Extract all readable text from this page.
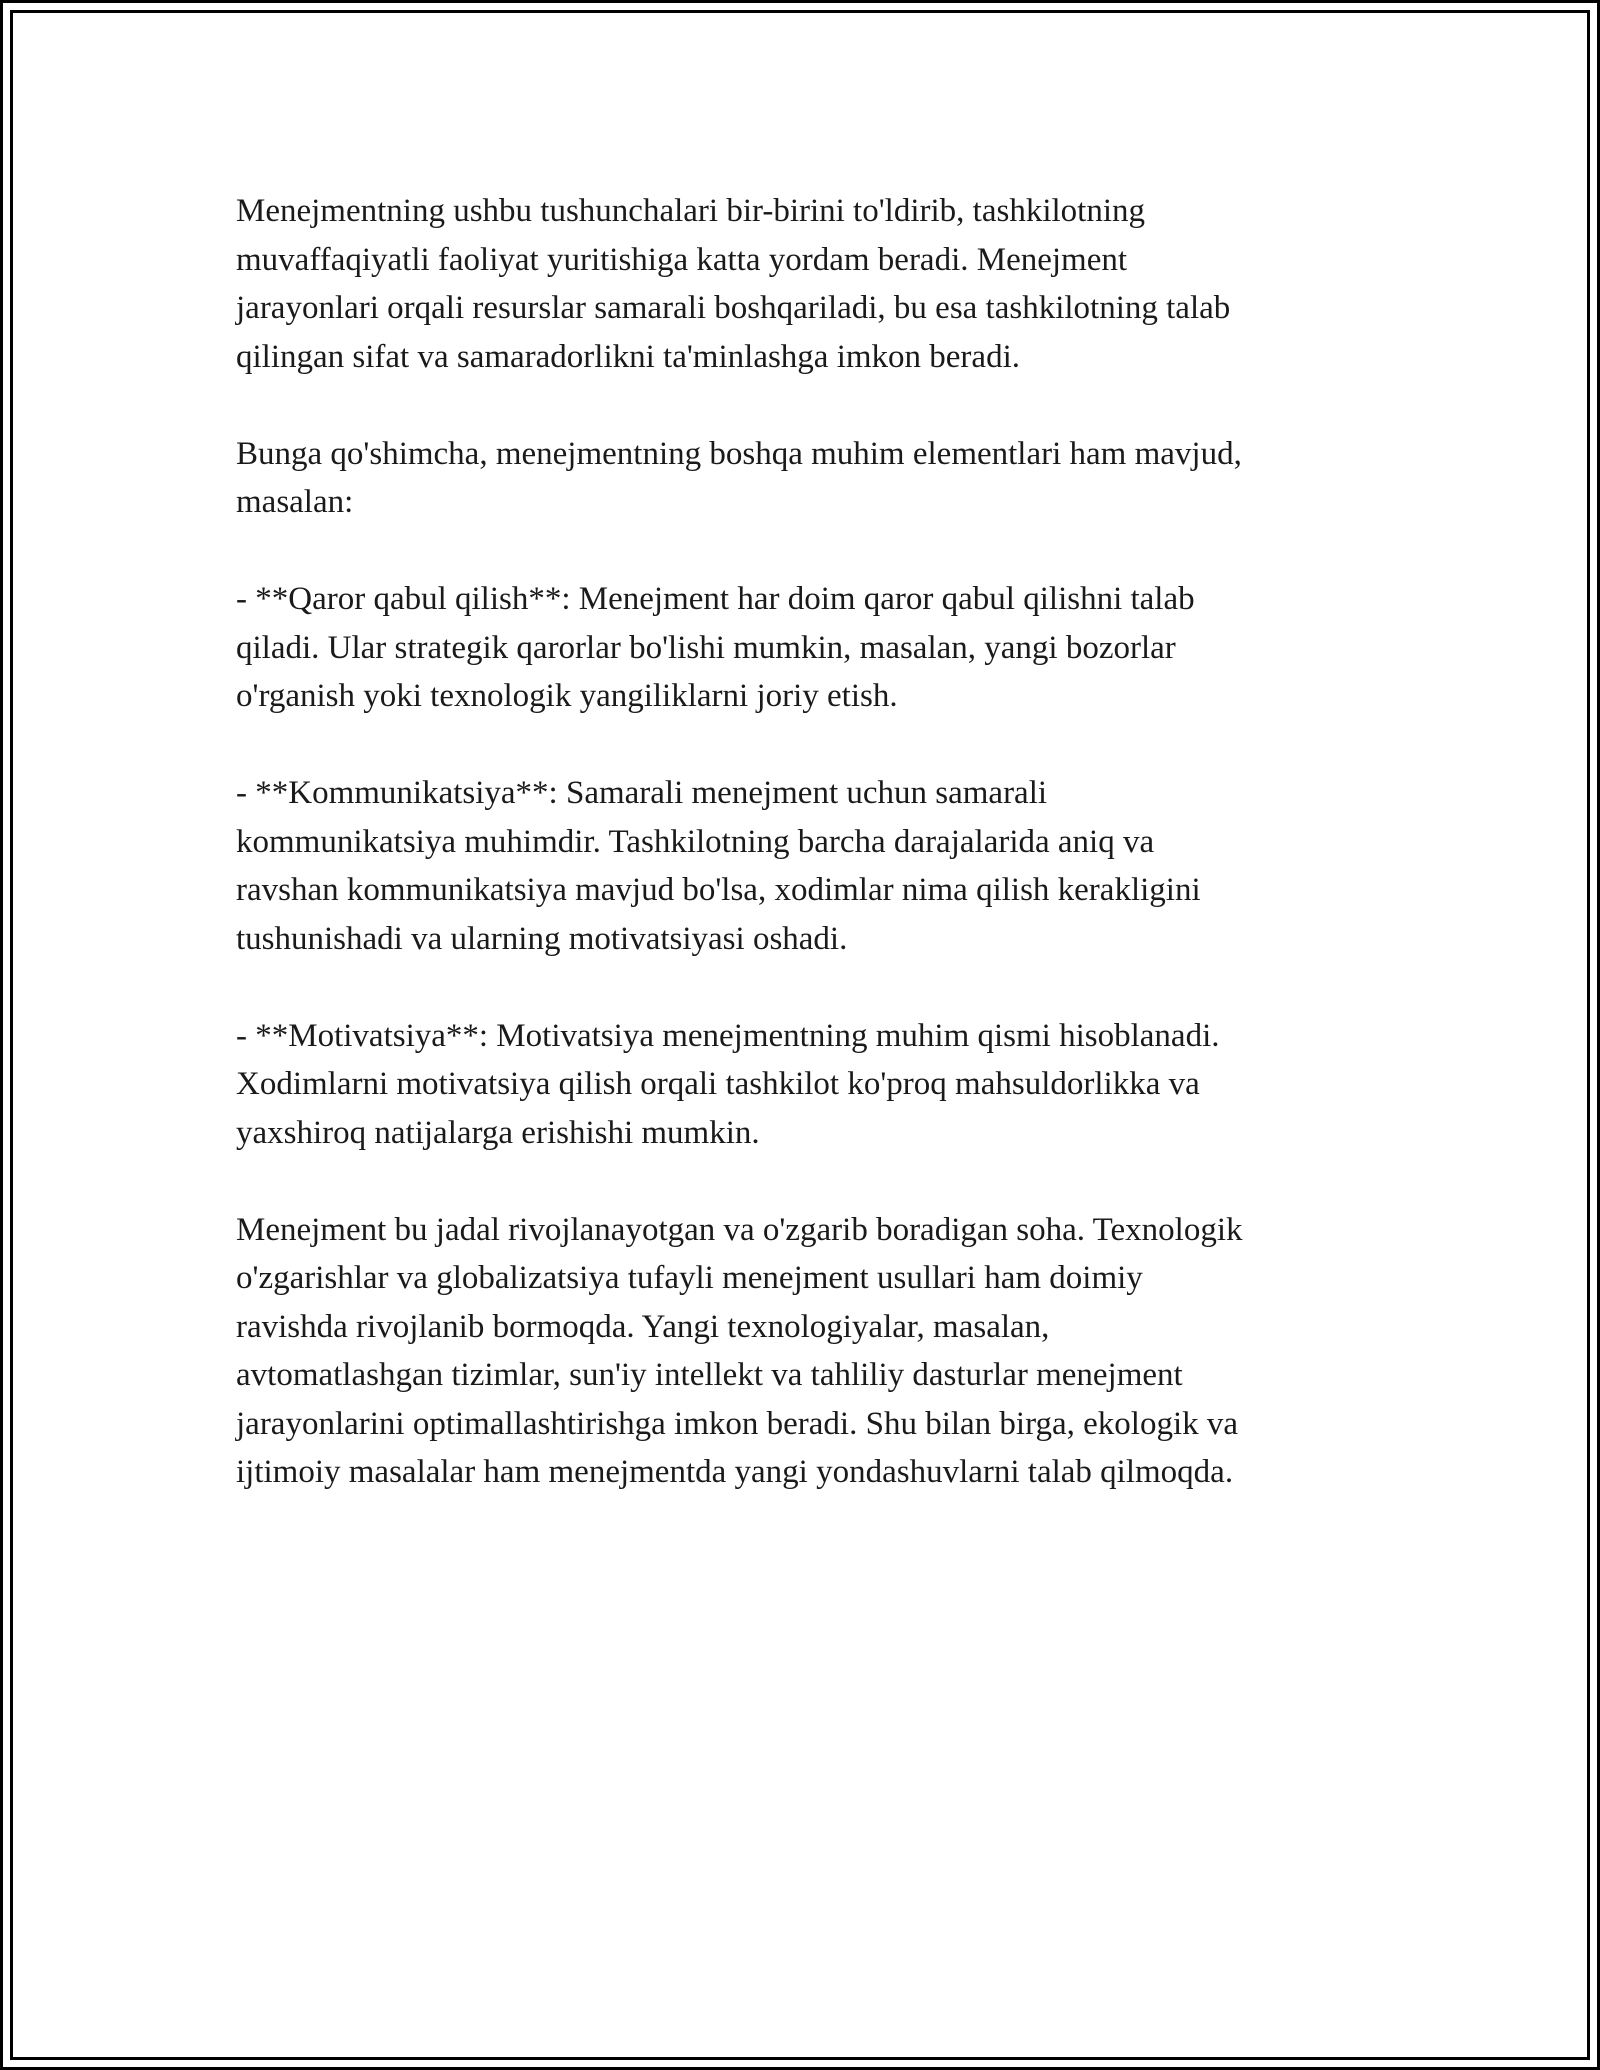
Menejmentning ushbu tushunchalari bir-birini to'ldirib, tashkilotning
muvaffaqiyatli faoliyat yuritishiga katta yordam beradi. Menejment
jarayonlari orqali resurslar samarali boshqariladi, bu esa tashkilotning talab
qilingan sifat va samaradorlikni ta'minlashga imkon beradi.

Bunga qo'shimcha, menejmentning boshqa muhim elementlari ham mavjud,
masalan:

- **Qaror qabul qilish**: Menejment har doim qaror qabul qilishni talab
qiladi. Ular strategik qarorlar bo'lishi mumkin, masalan, yangi bozorlar
o'rganish yoki texnologik yangiliklarni joriy etish.

- **Kommunikatsiya**: Samarali menejment uchun samarali
kommunikatsiya muhimdir. Tashkilotning barcha darajalarida aniq va
ravshan kommunikatsiya mavjud bo'lsa, xodimlar nima qilish kerakligini
tushunishadi va ularning motivatsiyasi oshadi.

- **Motivatsiya**: Motivatsiya menejmentning muhim qismi hisoblanadi.
Xodimlarni motivatsiya qilish orqali tashkilot ko'proq mahsuldorlikka va
yaxshiroq natijalarga erishishi mumkin.

Menejment bu jadal rivojlanayotgan va o'zgarib boradigan soha. Texnologik
o'zgarishlar va globalizatsiya tufayli menejment usullari ham doimiy
ravishda rivojlanib bormoqda. Yangi texnologiyalar, masalan,
avtomatlashgan tizimlar, sun'iy intellekt va tahliliy dasturlar menejment
jarayonlarini optimallashtirishga imkon beradi. Shu bilan birga, ekologik va
ijtimoiy masalalar ham menejmentda yangi yondashuvlarni talab qilmoqda.
